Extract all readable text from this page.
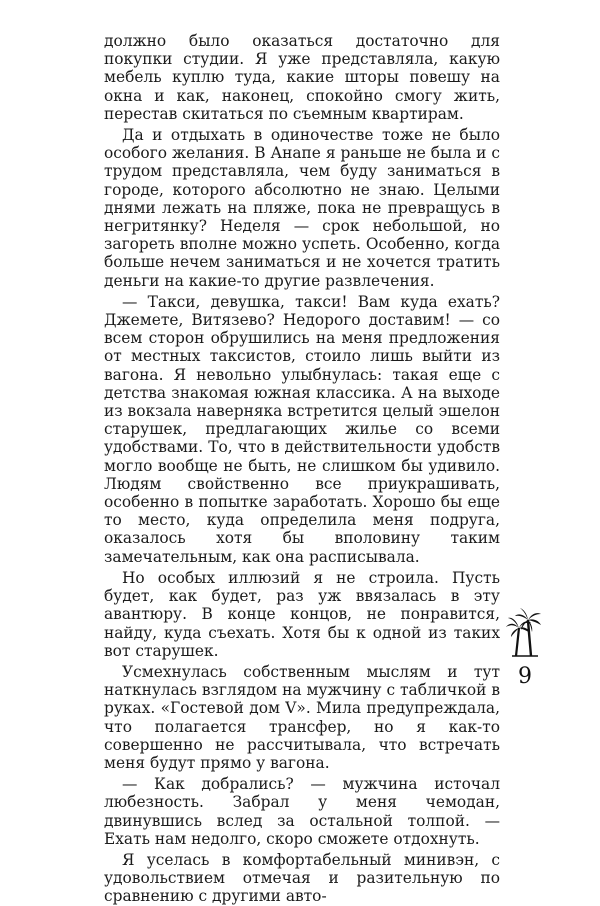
должно было оказаться достаточно для покупки студии. Я уже представляла, какую мебель куплю туда, какие шторы повешу на окна и как, наконец, спокойно смогу жить, перестав скитаться по съемным квартирам.

Да и отдыхать в одиночестве тоже не было особого желания. В Анапе я раньше не была и с трудом представляла, чем буду заниматься в городе, которого абсолютно не знаю. Целыми днями лежать на пляже, пока не превращусь в негритянку? Неделя — срок небольшой, но загореть вполне можно успеть. Особенно, когда больше нечем заниматься и не хочется тратить деньги на какие-то другие развлечения.

— Такси, девушка, такси! Вам куда ехать? Джемете, Витязево? Недорого доставим! — со всем сторон обрушились на меня предложения от местных таксистов, стоило лишь выйти из вагона. Я невольно улыбнулась: такая еще с детства знакомая южная классика. А на выходе из вокзала наверняка встретится целый эшелон старушек, предлагающих жилье со всеми удобствами. То, что в действительности удобств могло вообще не быть, не слишком бы удивило. Людям свойственно все приукрашивать, особенно в попытке заработать. Хорошо бы еще то место, куда определила меня подруга, оказалось хотя бы вполовину таким замечательным, как она расписывала.

Но особых иллюзий я не строила. Пусть будет, как будет, раз уж ввязалась в эту авантюру. В конце концов, не понравится, найду, куда съехать. Хотя бы к одной из таких вот старушек.

Усмехнулась собственным мыслям и тут наткнулась взглядом на мужчину с табличкой в руках. «Гостевой дом V». Мила предупреждала, что полагается трансфер, но я как-то совершенно не рассчитывала, что встречать меня будут прямо у вагона.

— Как добрались? — мужчина источал любезность. Забрал у меня чемодан, двинувшись вслед за остальной толпой. — Ехать нам недолго, скоро сможете отдохнуть.

Я уселась в комфортабельный минивэн, с удовольствием отмечая и разительную по сравнению с другими авто-

9
